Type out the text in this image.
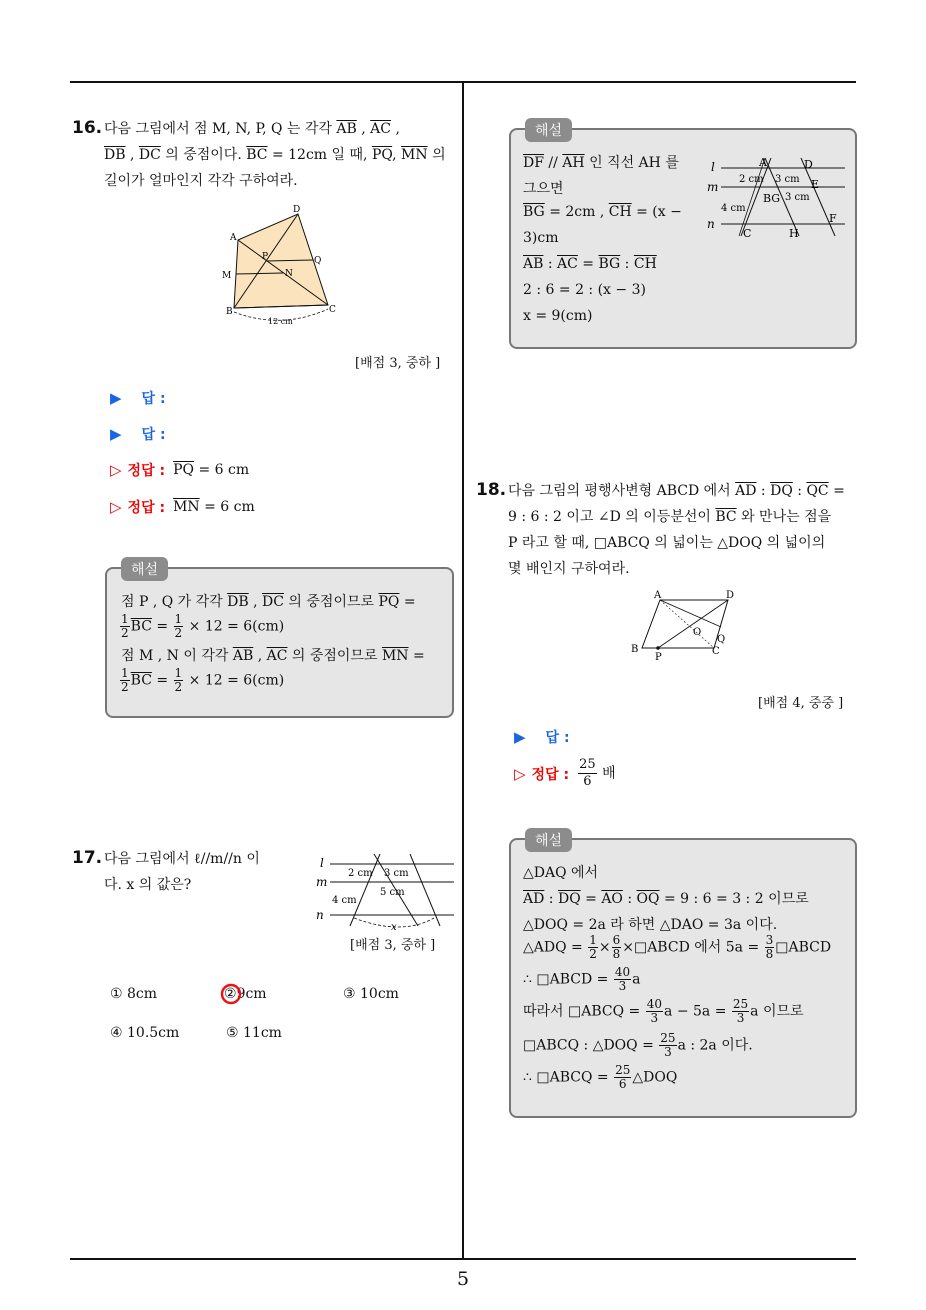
5
16. 다음 그림에서 점 M, N, P, Q 는 각각 $\overline{AB}$ , $\overline{AC}$ ,
$\overline{DB}$ , $\overline{DC}$ 의 중점이다. $\overline{BC} = 12cm$ 일 때, $\overline{PQ}$, $\overline{MN}$ 의
길이가 얼마인지 각각 구하여라.
A
B	C
D
M	N
P	Q
12 cm
[배점 3, 중하 ]
▶ 답 :
▶ 답 :
▷ 정답 : $\overline{PQ} = 6$ cm
▷ 정답 : $\overline{MN} = 6$ cm
해설
점 P , Q 가 각각 $\overline{DB}$ , $\overline{DC}$ 의 중점이므로 $\overline{PQ}$ =
$\frac{1}{2} \overline{BC} = \frac{1}{2} \times 12 = 6(cm)$
점 M , N 이 각각 $\overline{AB}$ , $\overline{AC}$ 의 중점이므로 $\overline{MN}$ =
$\frac{1}{2} \overline{BC} = \frac{1}{2} \times 12 = 6(cm)$
17. 다음 그림에서 ℓ//m//n 이
다. x 의 값은?
l
m
n
2 cm 3 cm
5 cm
4 cm
x
[배점 3, 중하 ]
① 8cm	②9cm	③ 10cm
④ 10.5cm	⑤ 11cm
해설
$\overline{DF} // \overline{AH}$ 인 직선 AH 를
그으면
$\overline{BG} = 2cm$ , $\overline{CH} = (x$ −
3)cm
$\overline{AB}$ : $\overline{AC} = \overline{BG}$ : $\overline{CH}$
2 : 6 = 2 : (x − 3)
x = 9(cm)
l
m
n
A	D
E
F
C	H
BG
2 cm 3 cm
3 cm
4 cm
18. 다음 그림의 평행사변형 ABCD 에서 $\overline{AD}$ : $\overline{DQ}$ : $\overline{QC}$ =
9 : 6 : 2 이고 ∠D 의 이등분선이 $\overline{BC}$ 와 만나는 점을
P 라고 할 때, □ABCQ 의 넓이는 △DOQ 의 넓이의
몇 배인지 구하여라.
A	D
B	C
O
P
Q
[배점 4, 중중 ]
▶ 답 :
▷ 정답 : $\frac{25}{6}$ 배
해설
△DAQ 에서
$\overline{AD}$ : $\overline{DQ} = \overline{AO}$ : $\overline{OQ} = 9$ : 6 = 3 : 2 이므로
△DOQ = 2a 라 하면 △DAO = 3a 이다.
△ADQ = $\frac{1}{2} \times \frac{6}{8}$ ×□ABCD 에서 $5a = \frac{3}{8}$ □ABCD
∴ □ABCD = $\frac{40}{3}$ a
따라서 □ABCQ = $\frac{40}{3}$ $a - 5a = \frac{25}{3}$ a 이므로
□ABCQ : △DOQ = $\frac{25}{3}$ a : 2a 이다.
∴ □ABCQ = $\frac{25}{6}$ △DOQ
